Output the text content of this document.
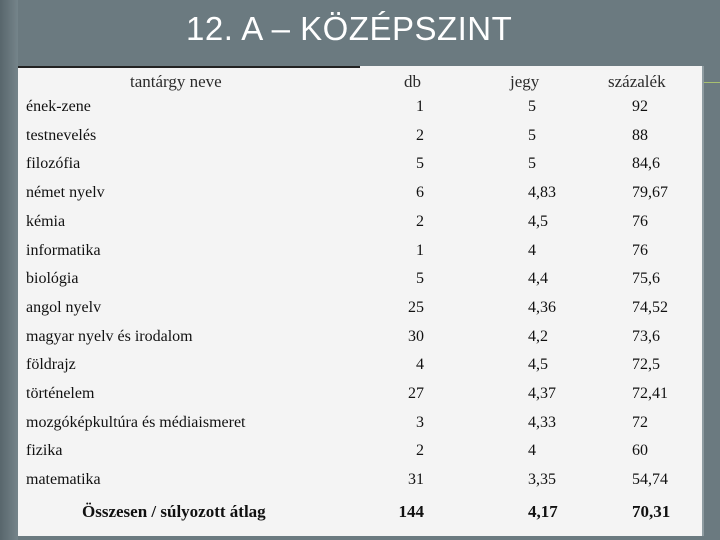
12. A – KÖZÉPSZINT
tantárgy neve	db	jegy	százalék
ének-zene	1	5	92
testnevelés	2	5	88
filozófia	5	5	84,6
német nyelv	6	4,83	79,67
kémia	2	4,5	76
informatika	1	4	76
biológia	5	4,4	75,6
angol nyelv	25	4,36	74,52
magyar nyelv és irodalom	30	4,2	73,6
földrajz	4	4,5	72,5
történelem	27	4,37	72,41
mozgóképkultúra és médiaismeret	3	4,33	72
fizika	2	4	60
matematika	31	3,35	54,74
Összesen / súlyozott átlag	144	4,17	70,31
